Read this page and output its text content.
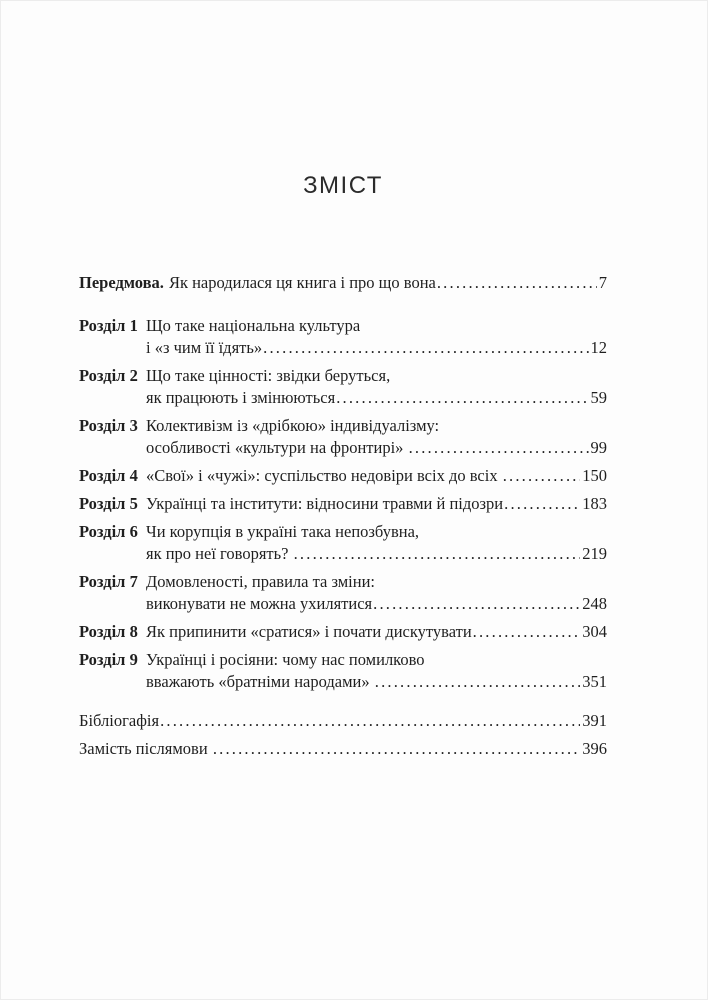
ЗМІСТ
Передмова. Як народилася ця книга і про що вона .....	7
Розділ 1 Що таке національна культура
і «з чим її їдять» .....	12
Розділ 2 Що таке цінності: звідки беруться,
як працюють і змінюються .....	59
Розділ 3 Колективізм із «дрібкою» індивідуалізму:
особливості «культури на фронтирі» .....	99
Розділ 4 «Свої» і «чужі»: суспільство недовіри всіх до всіх .....	150
Розділ 5 Українці та інститути: відносини травми й підозри .....	183
Розділ 6 Чи корупція в україні така непозбувна,
як про неї говорять? .....	219
Розділ 7 Домовленості, правила та зміни:
виконувати не можна ухилятися .....	248
Розділ 8 Як припинити «сратися» і почати дискутувати .....	304
Розділ 9 Українці і росіяни: чому нас помилково
вважають «братніми народами» .....	351
Бібліогафія .....	391
Замість післямови .....	396
